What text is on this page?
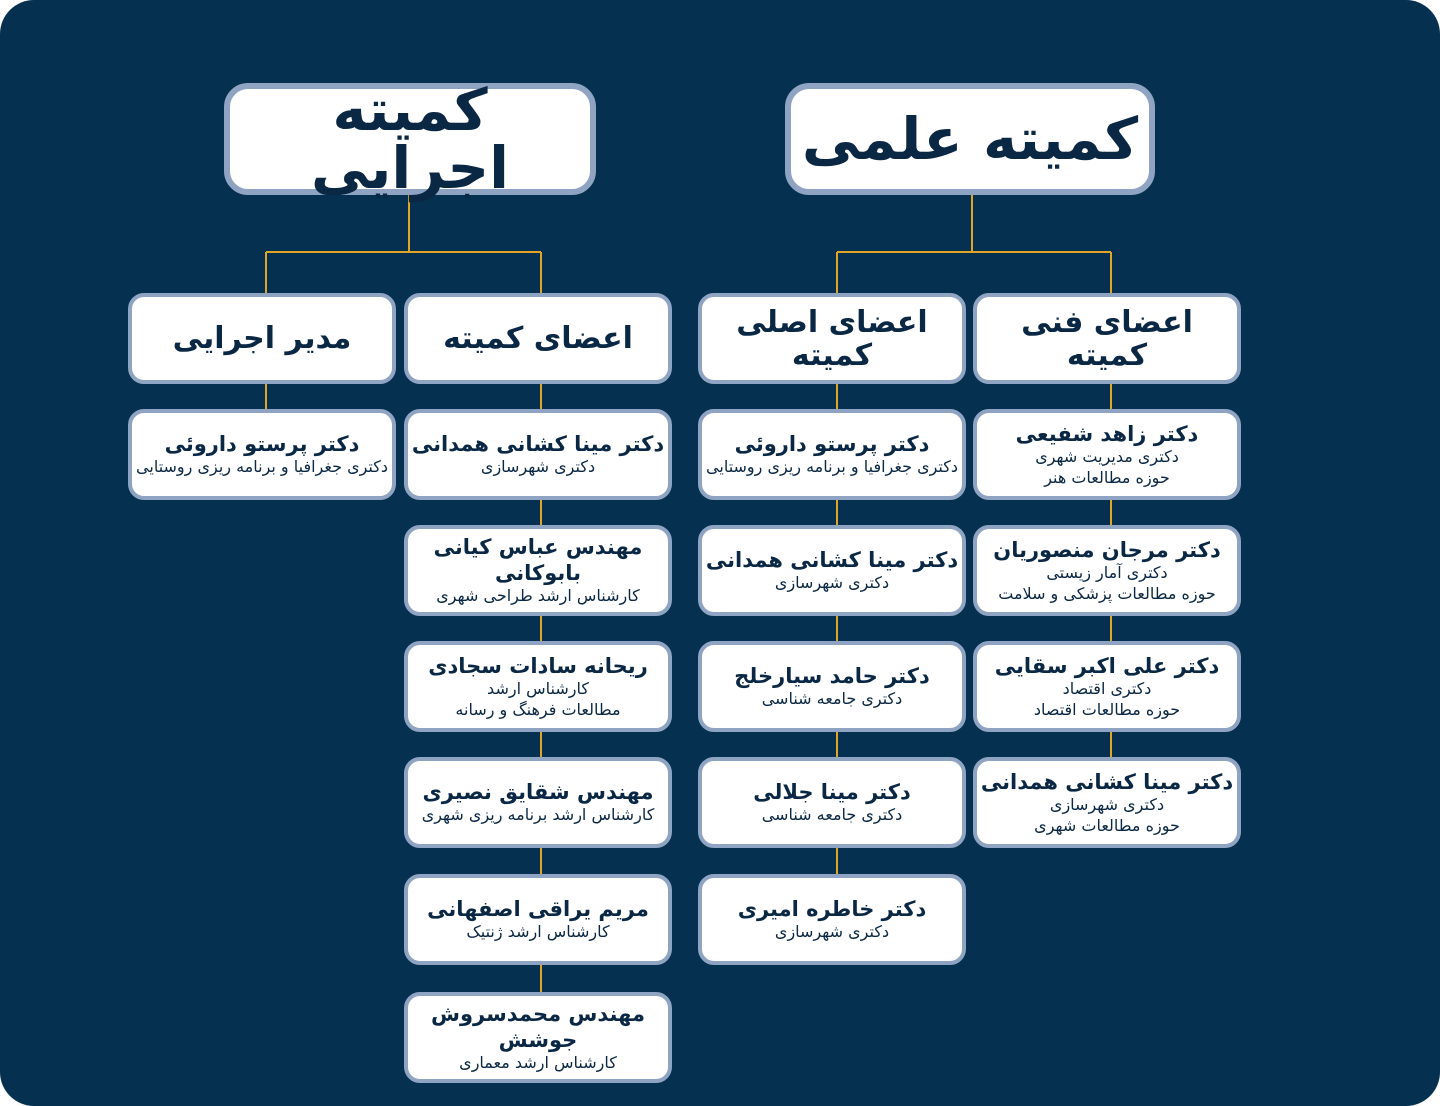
کمیته علمی
کمیته اجرایی
اعضای فنی کمیته
اعضای اصلی کمیته
اعضای کمیته
مدیر اجرایی
دکتر زاهد شفیعی
دکتری مدیریت شهری
حوزه مطالعات هنر
دکتر مرجان منصوریان
دکتری آمار زیستی
حوزه مطالعات پزشکی و سلامت
دکتر علی اکبر سقایی
دکتری اقتصاد
حوزه مطالعات اقتصاد
دکتر مینا کشانی همدانی
دکتری شهرسازی
حوزه مطالعات شهری
دکتر پرستو داروئی
دکتری جغرافیا و برنامه ریزی روستایی
دکتر مینا کشانی همدانی
دکتری شهرسازی
دکتر حامد سیارخلج
دکتری جامعه شناسی
دکتر مینا جلالی
دکتری جامعه شناسی
دکتر خاطره امیری
دکتری شهرسازی
دکتر مینا کشانی همدانی
دکتری شهرسازی
مهندس عباس کیانی بابوکانی
کارشناس ارشد طراحی شهری
ریحانه سادات سجادی
کارشناس ارشد
مطالعات فرهنگ و رسانه
مهندس شقایق نصیری
کارشناس ارشد برنامه ریزی شهری
مریم یراقی اصفهانی
کارشناس ارشد ژنتیک
مهندس محمدسروش جوشش
کارشناس ارشد معماری
دکتر پرستو داروئی
دکتری جغرافیا و برنامه ریزی روستایی
